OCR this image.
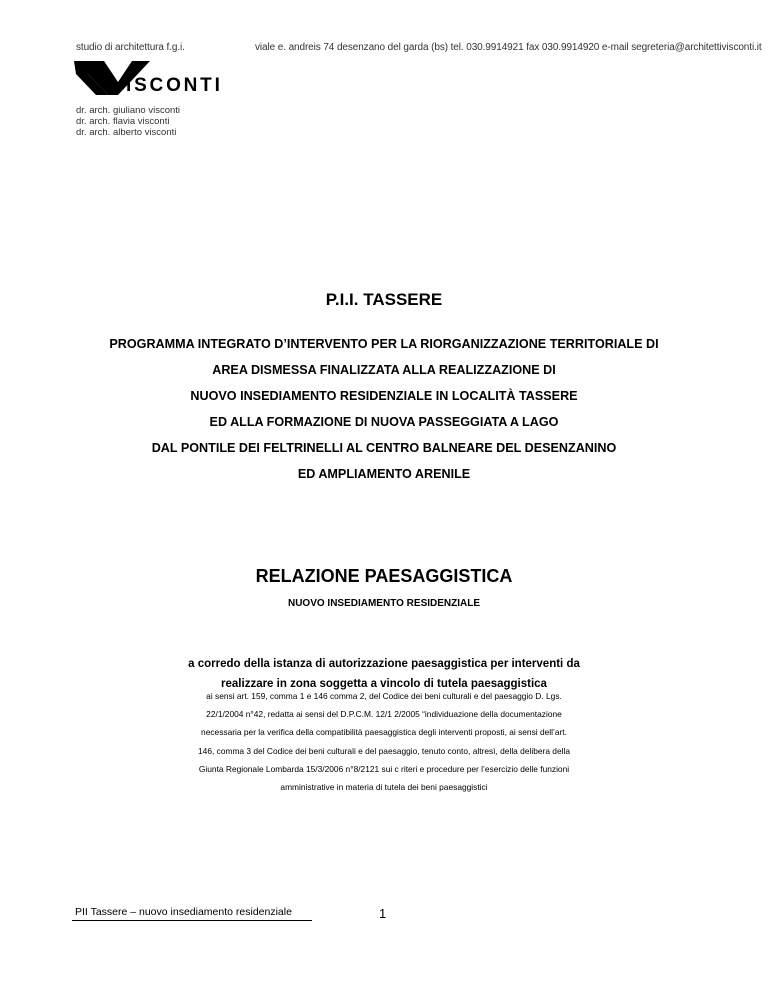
studio di architettura f.g.i.	viale e. andreis 74 desenzano del garda (bs) tel. 030.9914921 fax 030.9914920 e-mail segreteria@architettivisconti.it
ISCONTI
dr. arch. giuliano visconti
dr. arch. flavia visconti
dr. arch. alberto visconti
P.I.I. TASSERE
PROGRAMMA INTEGRATO D’INTERVENTO PER LA RIORGANIZZAZIONE TERRITORIALE DI
AREA DISMESSA FINALIZZATA ALLA REALIZZAZIONE DI
NUOVO INSEDIAMENTO RESIDENZIALE IN LOCALITÀ TASSERE
ED ALLA FORMAZIONE DI NUOVA PASSEGGIATA A LAGO
DAL PONTILE DEI FELTRINELLI AL CENTRO BALNEARE DEL DESENZANINO
ED AMPLIAMENTO ARENILE
RELAZIONE PAESAGGISTICA
NUOVO INSEDIAMENTO RESIDENZIALE
a corredo della istanza di autorizzazione paesaggistica per interventi da
realizzare in zona soggetta a vincolo di tutela paesaggistica
ai sensi art. 159, comma 1 e 146 comma 2, del Codice dei beni culturali e del paesaggio D. Lgs.
22/1/2004 n°42, redatta ai sensi del D.P.C.M. 12/1 2/2005 “individuazione della documentazione
necessaria per la verifica della compatibilità paesaggistica degli interventi proposti, ai sensi dell’art.
146, comma 3 del Codice dei beni culturali e del paesaggio, tenuto conto, altresì, della delibera della
Giunta Regionale Lombarda 15/3/2006 n°8/2121 sui c riteri e procedure per l’esercizio delle funzioni
amministrative in materia di tutela dei beni paesaggistici
PII Tassere – nuovo insediamento residenziale	1
